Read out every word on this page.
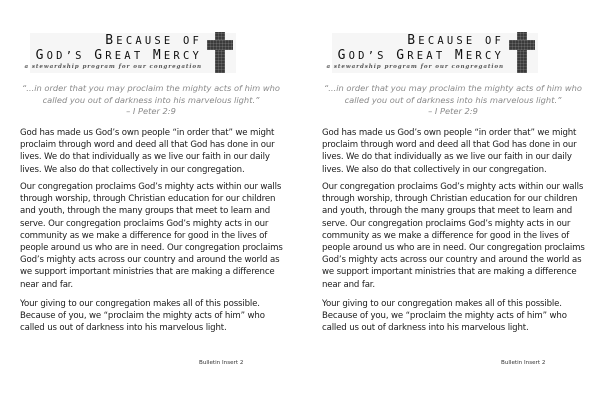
BECAUSE OF
GOD’S GREAT MERCY
a stewardship program for our congregation
“...in order that you may proclaim the mighty acts of him who
called you out of darkness into his marvelous light.”
– I Peter 2:9
God has made us God’s own people “in order that” we might
proclaim through word and deed all that God has done in our
lives. We do that individually as we live our faith in our daily
lives. We also do that collectively in our congregation.
Our congregation proclaims God’s mighty acts within our walls
through worship, through Christian education for our children
and youth, through the many groups that meet to learn and
serve. Our congregation proclaims God’s mighty acts in our
community as we make a difference for good in the lives of
people around us who are in need. Our congregation proclaims
God’s mighty acts across our country and around the world as
we support important ministries that are making a difference
near and far.
Your giving to our congregation makes all of this possible.
Because of you, we “proclaim the mighty acts of him” who
called us out of darkness into his marvelous light.
Bulletin Insert 2
BECAUSE OF
GOD’S GREAT MERCY
a stewardship program for our congregation
“...in order that you may proclaim the mighty acts of him who
called you out of darkness into his marvelous light.”
– I Peter 2:9
God has made us God’s own people “in order that” we might
proclaim through word and deed all that God has done in our
lives. We do that individually as we live our faith in our daily
lives. We also do that collectively in our congregation.
Our congregation proclaims God’s mighty acts within our walls
through worship, through Christian education for our children
and youth, through the many groups that meet to learn and
serve. Our congregation proclaims God’s mighty acts in our
community as we make a difference for good in the lives of
people around us who are in need. Our congregation proclaims
God’s mighty acts across our country and around the world as
we support important ministries that are making a difference
near and far.
Your giving to our congregation makes all of this possible.
Because of you, we “proclaim the mighty acts of him” who
called us out of darkness into his marvelous light.
Bulletin Insert 2
